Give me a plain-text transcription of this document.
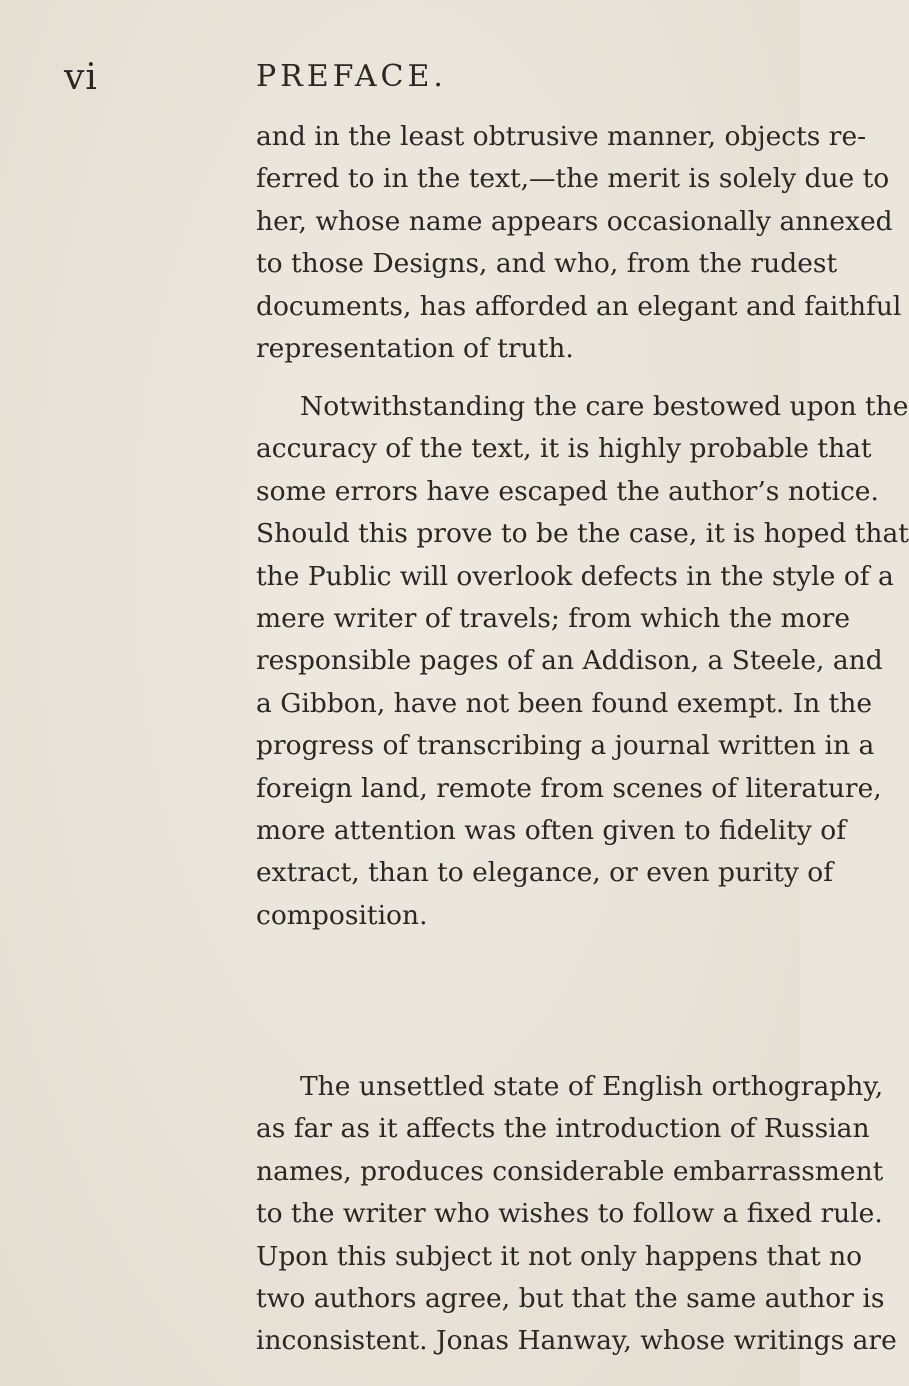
vi	PREFACE.
and in the least obtrusive manner, objects re-
ferred to in the text,—the merit is solely due to
her, whose name appears occasionally annexed
to those Designs, and who, from the rudest
documents, has afforded an elegant and faithful
representation of truth.
Notwithstanding the care bestowed upon the
accuracy of the text, it is highly probable that
some errors have escaped the author’s notice.
Should this prove to be the case, it is hoped that
the Public will overlook defects in the style of a
mere writer of travels; from which the more
responsible pages of an Addison, a Steele, and
a Gibbon, have not been found exempt. In the
progress of transcribing a journal written in a
foreign land, remote from scenes of literature,
more attention was often given to fidelity of
extract, than to elegance, or even purity of
composition.
The unsettled state of English orthography,
as far as it affects the introduction of Russian
names, produces considerable embarrassment
to the writer who wishes to follow a fixed rule.
Upon this subject it not only happens that no
two authors agree, but that the same author is
inconsistent. Jonas Hanway, whose writings are
